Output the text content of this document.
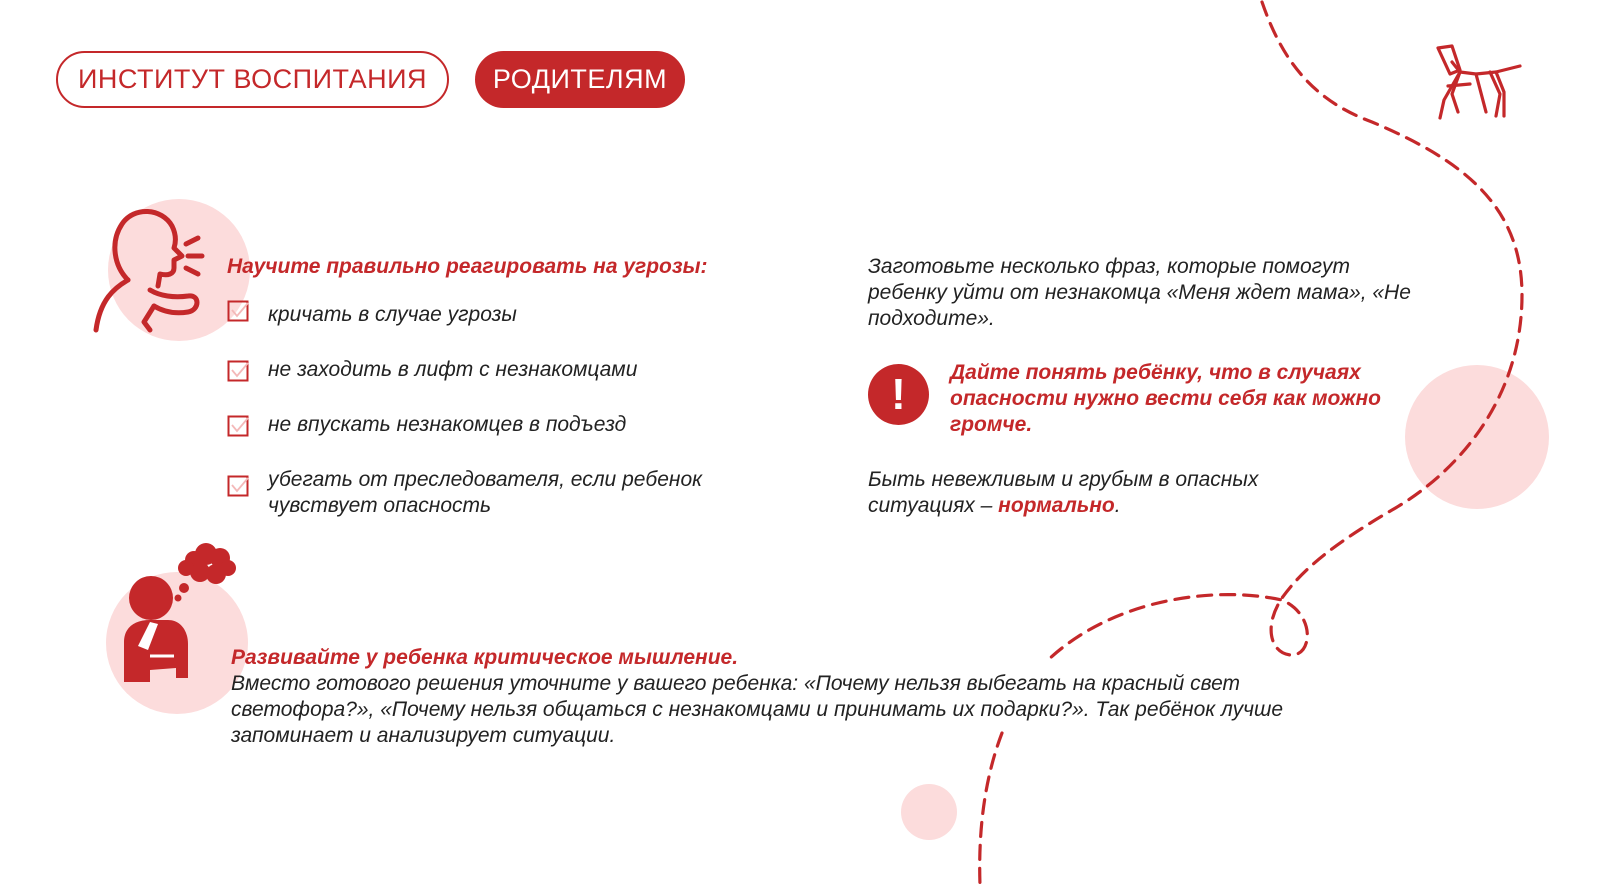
ИНСТИТУТ ВОСПИТАНИЯ	РОДИТЕЛЯМ
Научите правильно реагировать на угрозы:
кричать в случае угрозы
не заходить в лифт с незнакомцами
не впускать незнакомцев в подъезд
убегать от преследователя, если ребенок чувствует опасность
Заготовьте несколько фраз, которые помогут ребенку уйти от незнакомца «Меня ждет мама», «Не подходите».
!	Дайте понять ребёнку, что в случаях опасности нужно вести себя как можно громче.
Быть невежливым и грубым в опасных ситуациях – нормально.
Развивайте у ребенка критическое мышление.
Вместо готового решения уточните у вашего ребенка: «Почему нельзя выбегать на красный свет светофора?», «Почему нельзя общаться с незнакомцами и принимать их подарки?». Так ребёнок лучше запоминает и анализирует ситуации.
